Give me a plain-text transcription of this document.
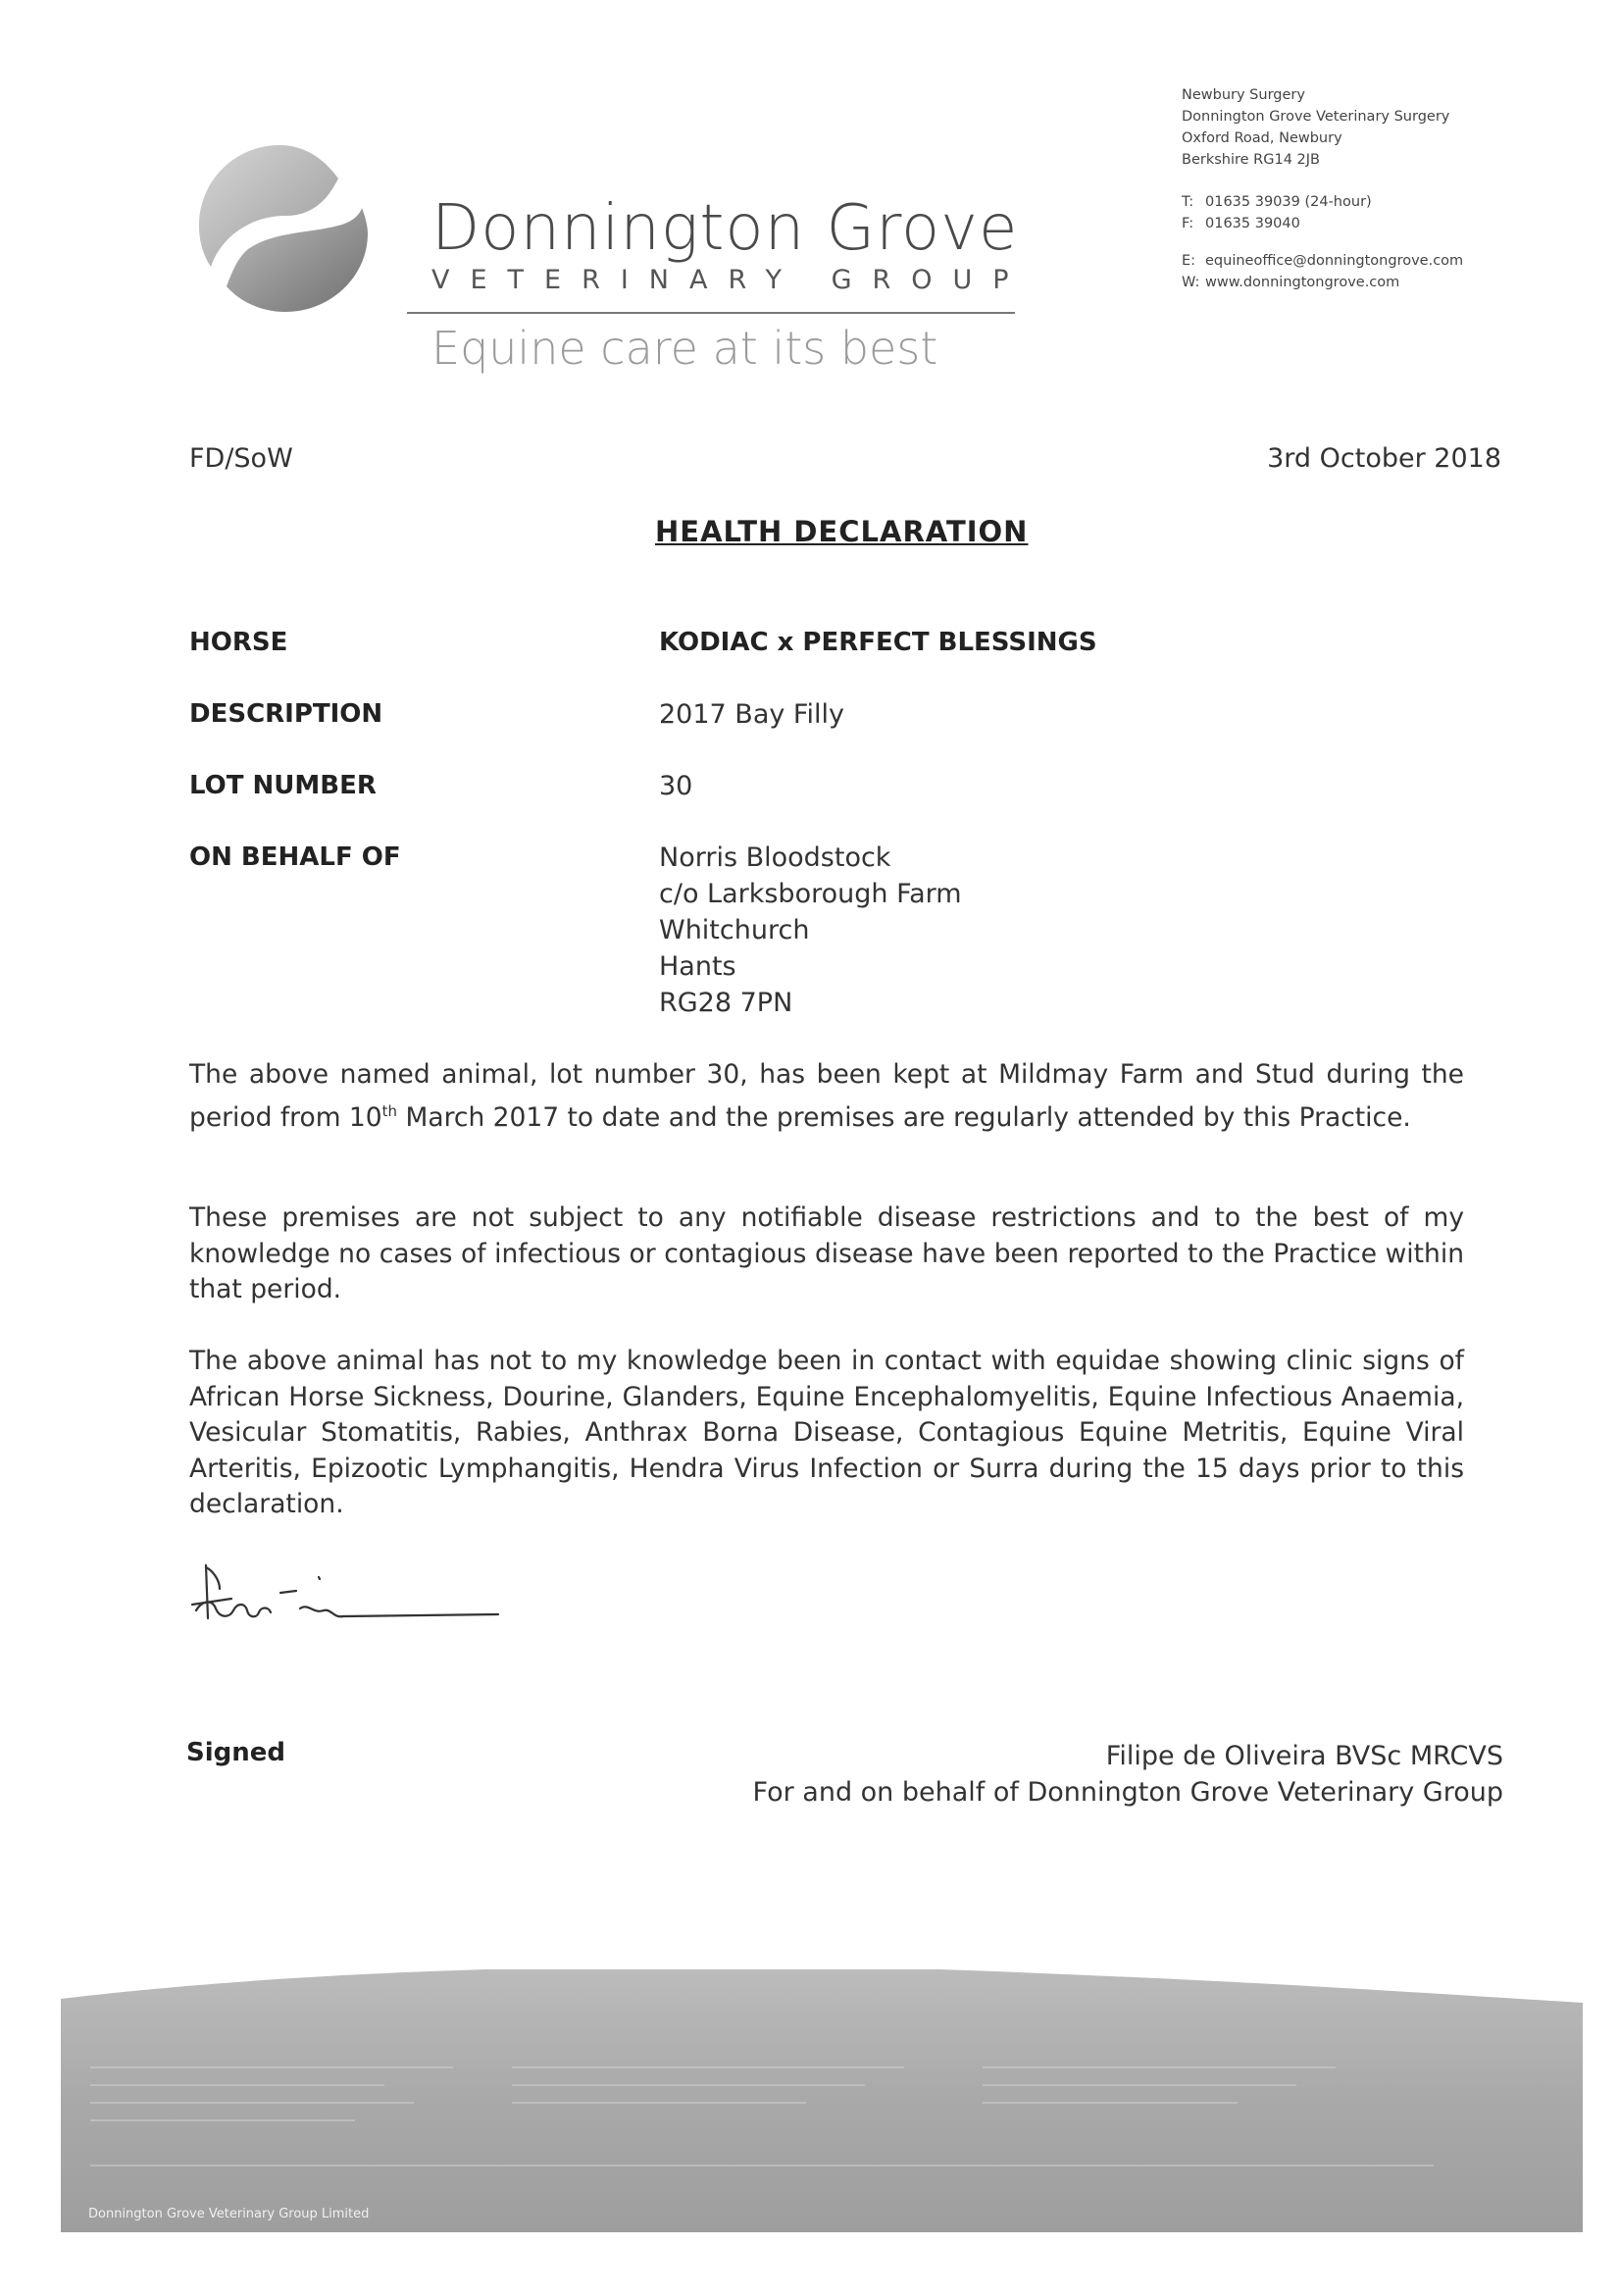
Donnington Grove
VETERINARY GROUP
Equine care at its best
Newbury Surgery
Donnington Grove Veterinary Surgery
Oxford Road, Newbury
Berkshire RG14 2JB
T: 01635 39039 (24-hour)
F: 01635 39040
E: equineoffice@donningtongrove.com
W: www.donningtongrove.com
FD/SoW	3rd October 2018
HEALTH DECLARATION
HORSE	KODIAC x PERFECT BLESSINGS
DESCRIPTION	2017 Bay Filly
LOT NUMBER	30
ON BEHALF OF	Norris Bloodstock
c/o Larksborough Farm
Whitchurch
Hants
RG28 7PN
The above named animal, lot number 30, has been kept at Mildmay Farm and Stud during the period from 10th March 2017 to date and the premises are regularly attended by this Practice.
These premises are not subject to any notifiable disease restrictions and to the best of my knowledge no cases of infectious or contagious disease have been reported to the Practice within that period.
The above animal has not to my knowledge been in contact with equidae showing clinic signs of African Horse Sickness, Dourine, Glanders, Equine Encephalomyelitis, Equine Infectious Anaemia, Vesicular Stomatitis, Rabies, Anthrax Borna Disease, Contagious Equine Metritis, Equine Viral Arteritis, Epizootic Lymphangitis, Hendra Virus Infection or Surra during the 15 days prior to this declaration.
Signed	Filipe de Oliveira BVSc MRCVS
For and on behalf of Donnington Grove Veterinary Group
Donnington Grove Veterinary Group Limited
